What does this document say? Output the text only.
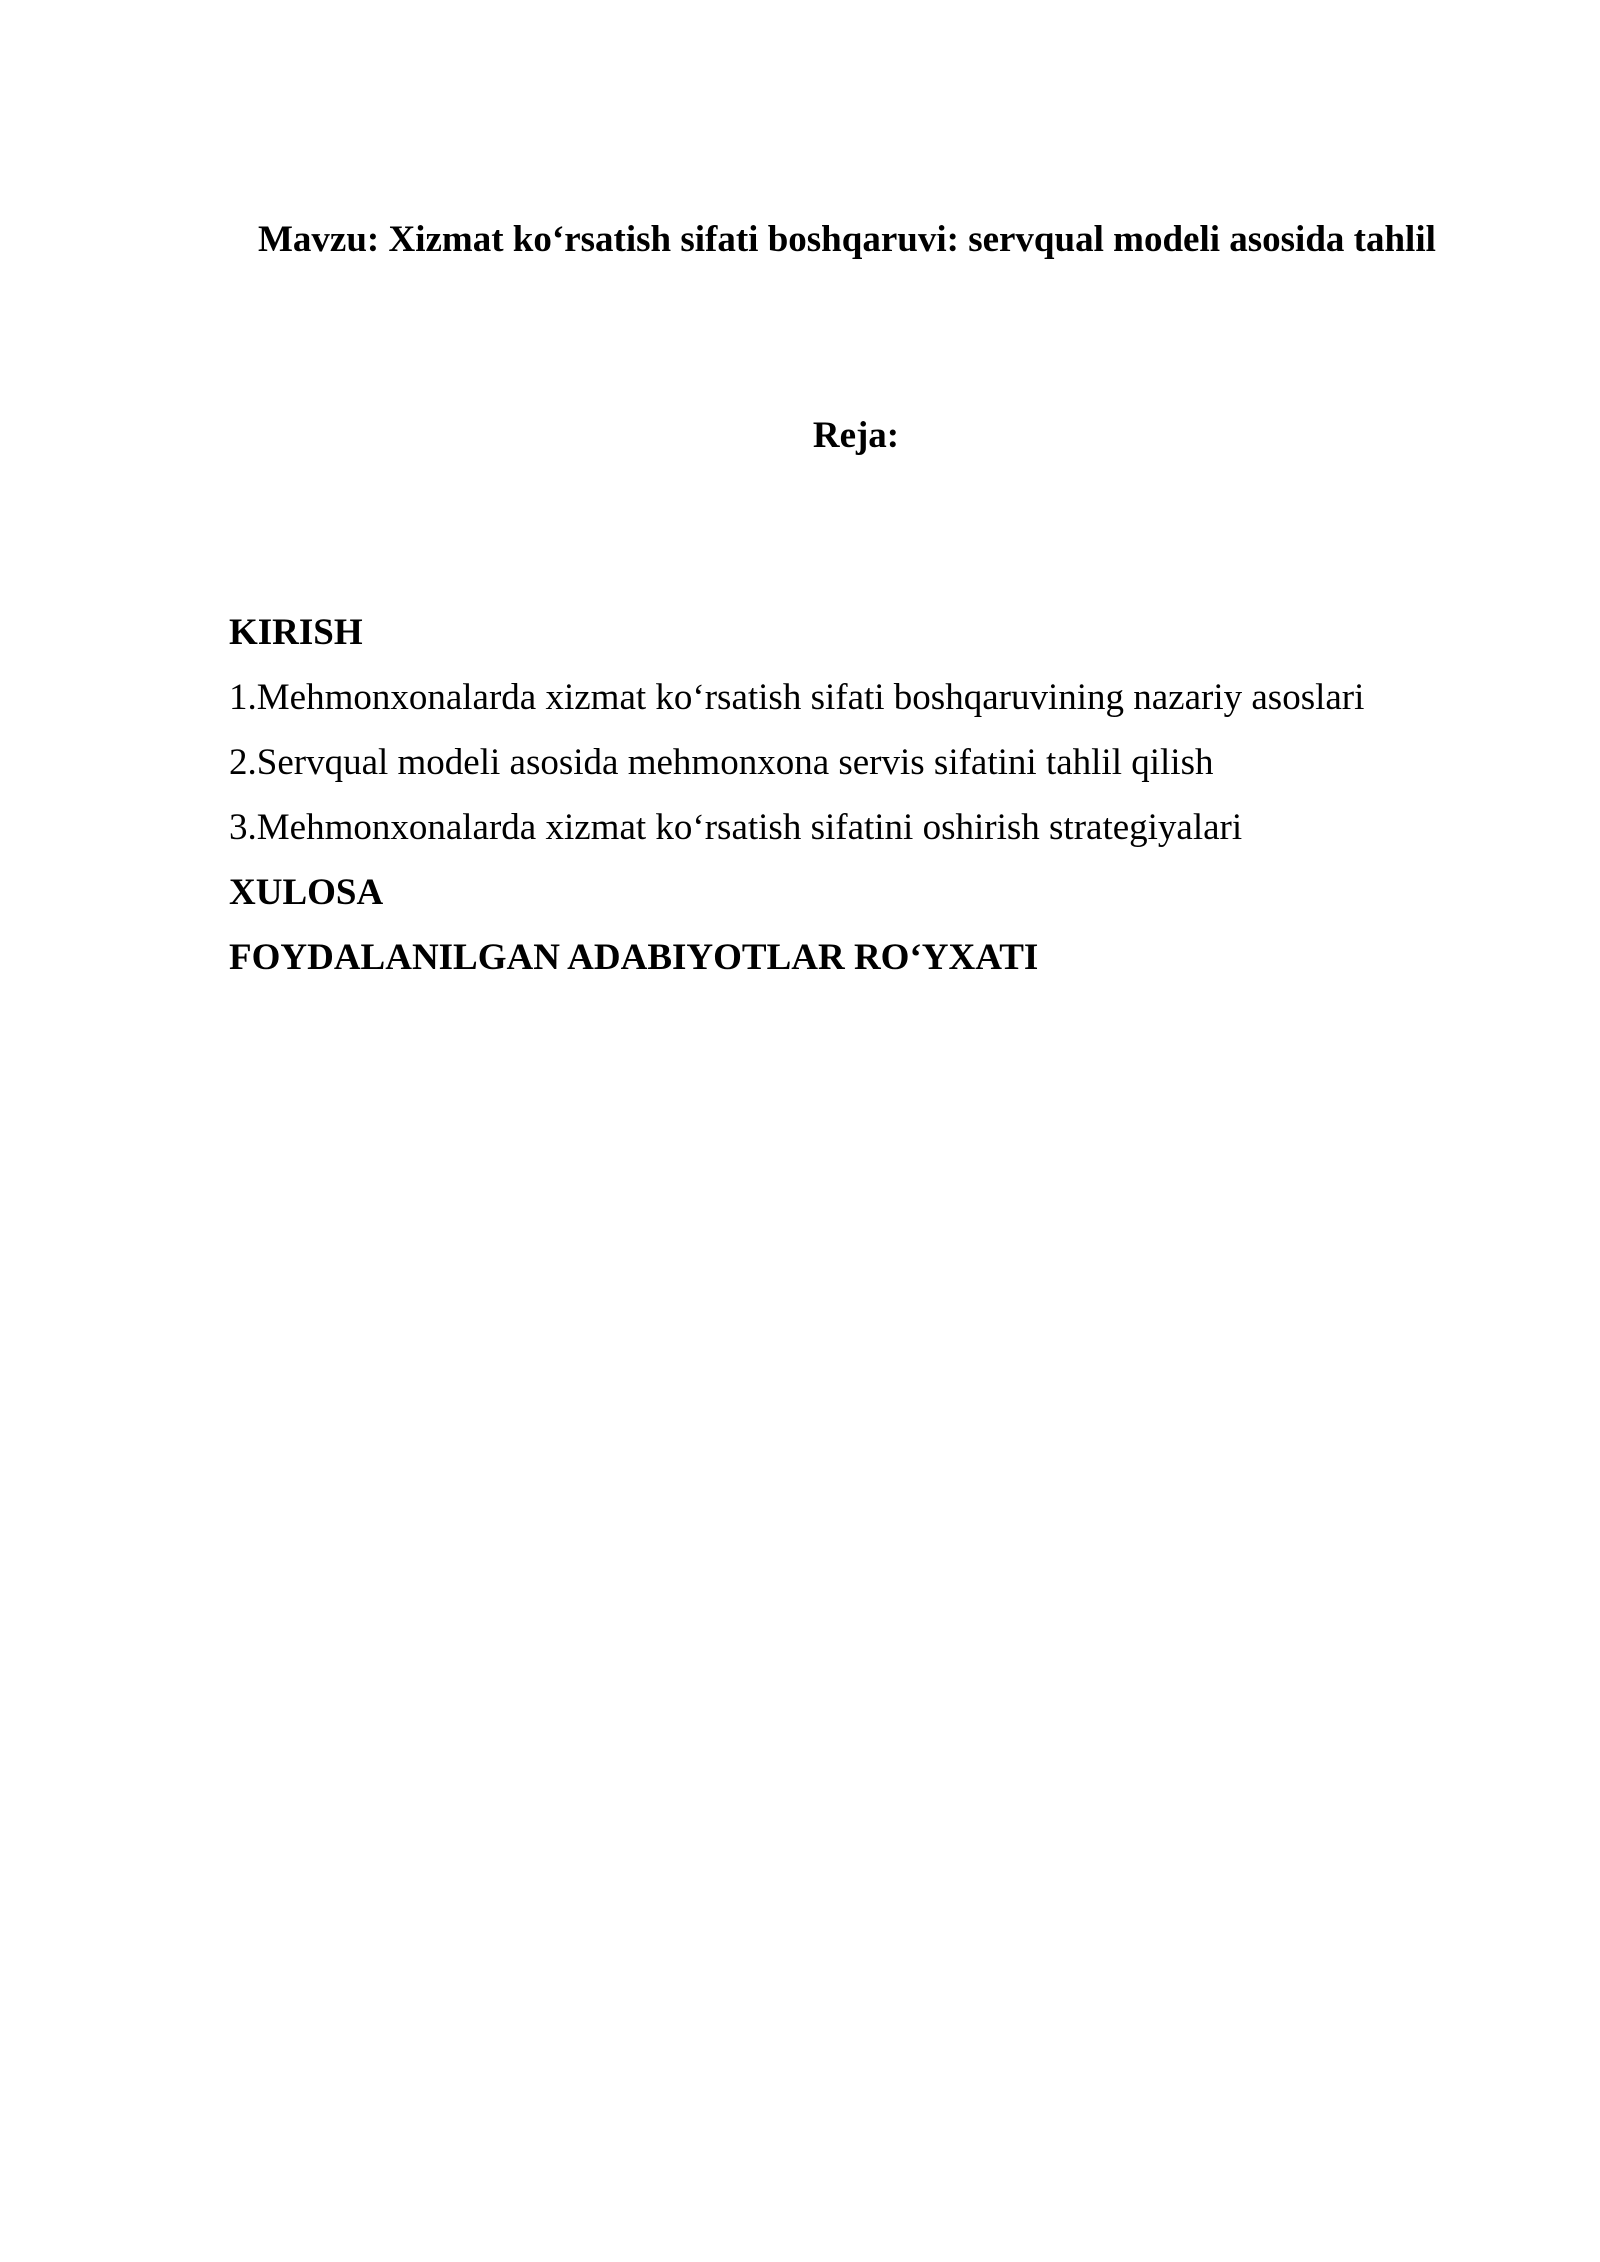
Mavzu: Xizmat ko‘rsatish sifati boshqaruvi: servqual modeli asosida tahlil
Reja:
KIRISH
1.Mehmonxonalarda xizmat ko‘rsatish sifati boshqaruvining nazariy asoslari
2.Servqual modeli asosida mehmonxona servis sifatini tahlil qilish
3.Mehmonxonalarda xizmat ko‘rsatish sifatini oshirish strategiyalari
XULOSA
FOYDALANILGAN ADABIYOTLAR RO‘YXATI
